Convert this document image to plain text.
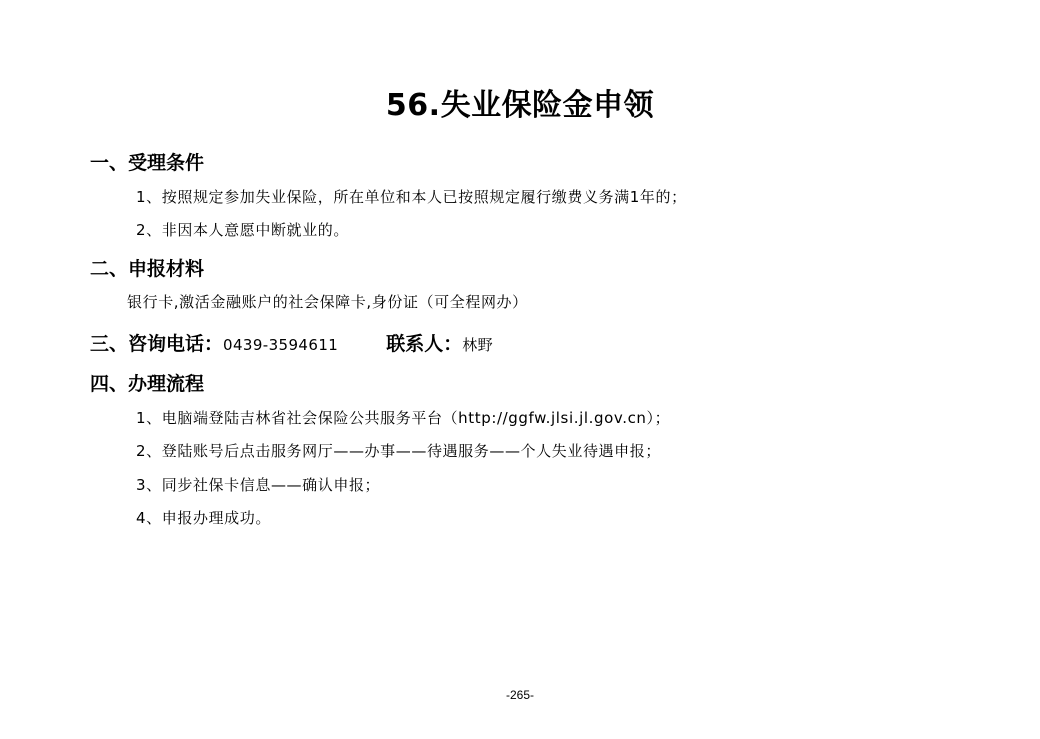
56.失业保险金申领
一、受理条件
1、按照规定参加失业保险，所在单位和本人已按照规定履行缴费义务满1年的；
2、非因本人意愿中断就业的。
二、申报材料
银行卡,激活金融账户的社会保障卡,身份证（可全程网办）
三、咨询电话：0439-3594611	联系人：林野
四、办理流程
1、电脑端登陆吉林省社会保险公共服务平台（http://ggfw.jlsi.jl.gov.cn）；
2、登陆账号后点击服务网厅——办事——待遇服务——个人失业待遇申报；
3、同步社保卡信息——确认申报；
4、申报办理成功。
-265-
